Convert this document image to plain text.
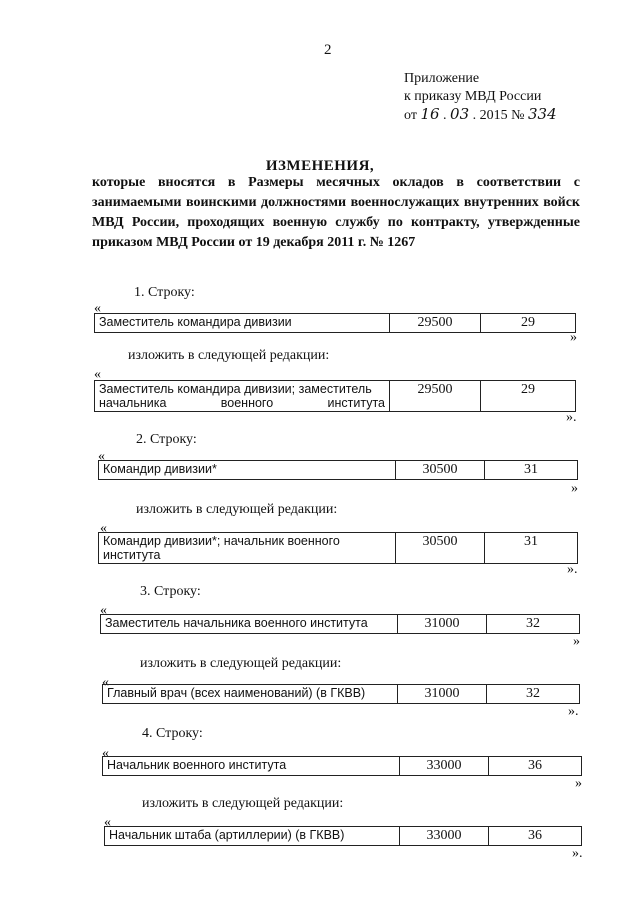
2
Приложение
к приказу МВД России
от 16 . 03 . 2015 № 334
ИЗМЕНЕНИЯ,
которые вносятся в Размеры месячных окладов в соответствии с занимаемыми воинскими должностями военнослужащих внутренних войск МВД России, проходящих военную службу по контракту, утвержденные приказом МВД России от 19 декабря 2011 г. № 1267
1. Строку:
«
Заместитель командира дивизии	29500	29
»
изложить в следующей редакции:
«
Заместитель командира дивизии; заместитель начальника военного института	29500	29
».
2. Строку:
«
Командир дивизии*	30500	31
»
изложить в следующей редакции:
«
Командир дивизии*; начальник военного института	30500	31
».
3. Строку:
«
Заместитель начальника военного института	31000	32
»
изложить в следующей редакции:
«
Главный врач (всех наименований) (в ГКВВ)	31000	32
».
4. Строку:
«
Начальник военного института	33000	36
»
изложить в следующей редакции:
«
Начальник штаба (артиллерии) (в ГКВВ)	33000	36
».
